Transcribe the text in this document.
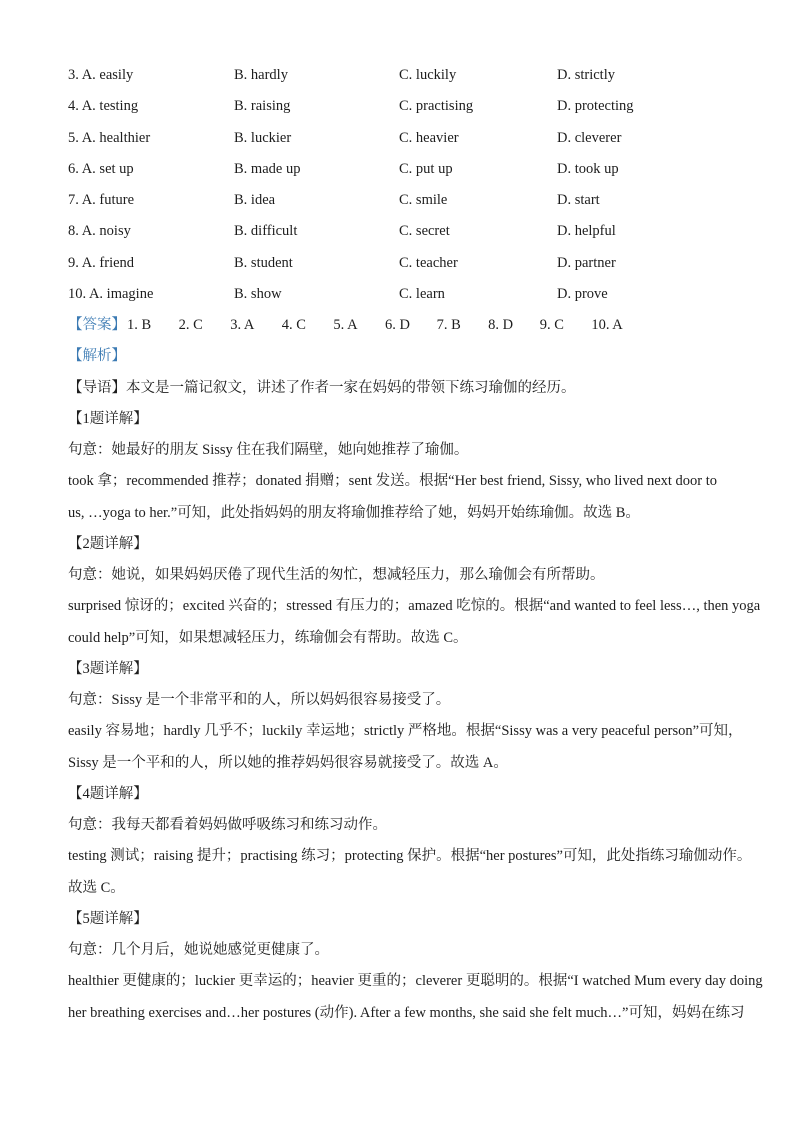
3. A. easily	B. hardly	C. luckily	D. strictly
4. A. testing	B. raising	C. practising	D. protecting
5. A. healthier	B. luckier	C. heavier	D. cleverer
6. A. set up	B. made up	C. put up	D. took up
7. A. future	B. idea	C. smile	D. start
8. A. noisy	B. difficult	C. secret	D. helpful
9. A. friend	B. student	C. teacher	D. partner
10. A. imagine	B. show	C. learn	D. prove
【答案】 1. B	2. C	3. A	4. C	5. A	6. D	7. B	8. D	9. C	10. A
【解析】
【导语】本文是一篇记叙文，讲述了作者一家在妈妈的带领下练习瑜伽的经历。
【1题详解】
句意：她最好的朋友 Sissy 住在我们隔壁，她向她推荐了瑜伽。
took 拿；recommended 推荐；donated 捐赠；sent 发送。根据“Her best friend, Sissy, who lived next door to
us, …yoga to her.”可知，此处指妈妈的朋友将瑜伽推荐给了她，妈妈开始练瑜伽。故选 B。
【2题详解】
句意：她说，如果妈妈厌倦了现代生活的匆忙，想减轻压力，那么瑜伽会有所帮助。
surprised 惊讶的；excited 兴奋的；stressed 有压力的；amazed 吃惊的。根据“and wanted to feel less…, then yoga
could help”可知，如果想减轻压力，练瑜伽会有帮助。故选 C。
【3题详解】
句意：Sissy 是一个非常平和的人，所以妈妈很容易接受了。
easily 容易地；hardly 几乎不；luckily 幸运地；strictly 严格地。根据“Sissy was a very peaceful person”可知，
Sissy 是一个平和的人，所以她的推荐妈妈很容易就接受了。故选 A。
【4题详解】
句意：我每天都看着妈妈做呼吸练习和练习动作。
testing 测试；raising 提升；practising 练习；protecting 保护。根据“her postures”可知，此处指练习瑜伽动作。
故选 C。
【5题详解】
句意：几个月后，她说她感觉更健康了。
healthier 更健康的；luckier 更幸运的；heavier 更重的；cleverer 更聪明的。根据“I watched Mum every day doing
her breathing exercises and…her postures (动作). After a few months, she said she felt much…”可知，妈妈在练习
